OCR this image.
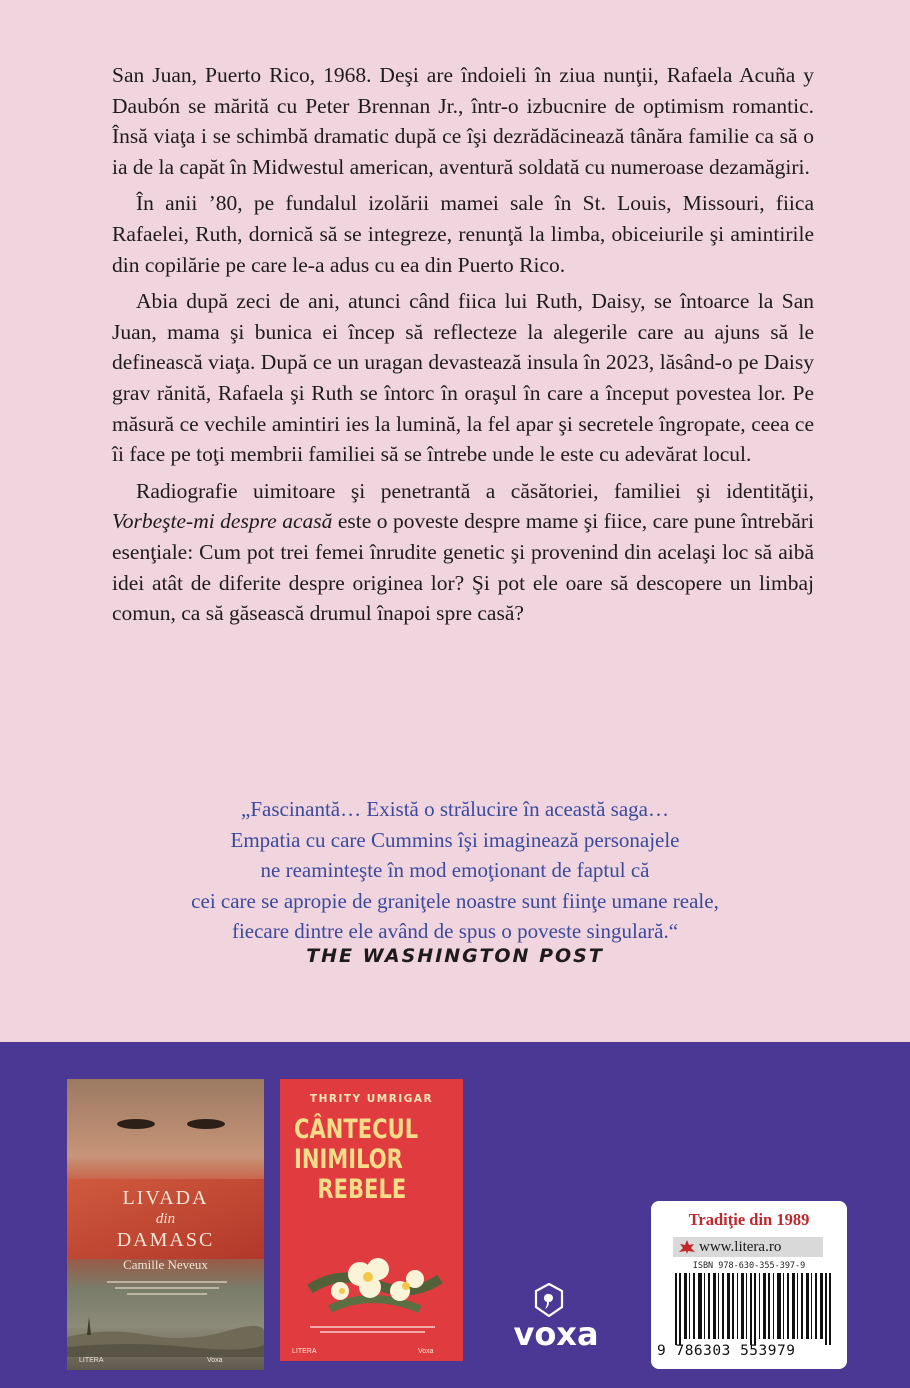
San Juan, Puerto Rico, 1968. Deşi are îndoieli în ziua nunţii, Rafaela Acuña y Daubón se mărită cu Peter Brennan Jr., într-o izbucnire de optimism romantic. Însă viaţa i se schimbă dramatic după ce îşi dezrădăcinează tânăra familie ca să o ia de la capăt în Midwestul american, aventură soldată cu numeroase dezamăgiri.

În anii ’80, pe fundalul izolării mamei sale în St. Louis, Missouri, fiica Rafaelei, Ruth, dornică să se integreze, renunţă la limba, obiceiurile şi amintirile din copilărie pe care le-a adus cu ea din Puerto Rico.

Abia după zeci de ani, atunci când fiica lui Ruth, Daisy, se întoarce la San Juan, mama şi bunica ei încep să reflecteze la alegerile care au ajuns să le definească viaţa. După ce un uragan devastează insula în 2023, lăsând-o pe Daisy grav rănită, Rafaela şi Ruth se întorc în oraşul în care a început povestea lor. Pe măsură ce vechile amintiri ies la lumină, la fel apar şi secretele îngropate, ceea ce îi face pe toţi membrii familiei să se întrebe unde le este cu adevărat locul.

Radiografie uimitoare şi penetrantă a căsătoriei, familiei şi identităţii, Vorbeşte-mi despre acasă este o poveste despre mame şi fiice, care pune întrebări esenţiale: Cum pot trei femei înrudite genetic şi provenind din acelaşi loc să aibă idei atât de diferite despre originea lor? Şi pot ele oare să descopere un limbaj comun, ca să găsească drumul înapoi spre casă?

„Fascinantă… Există o strălucire în această saga…
Empatia cu care Cummins îşi imaginează personajele
ne reaminteşte în mod emoţionant de faptul că
cei care se apropie de graniţele noastre sunt fiinţe umane reale,
fiecare dintre ele având de spus o poveste singulară.“
THE WASHINGTON POST
LIVADA
din
DAMASC
Camille Neveux
LITERA	Voxa
THRITY UMRIGAR
CÂNTECUL
INIMILOR
REBELE
LITERA	Voxa	voxa
Tradiţie din 1989
www.litera.ro
ISBN 978-630-355-397-9
9 786303 553979
